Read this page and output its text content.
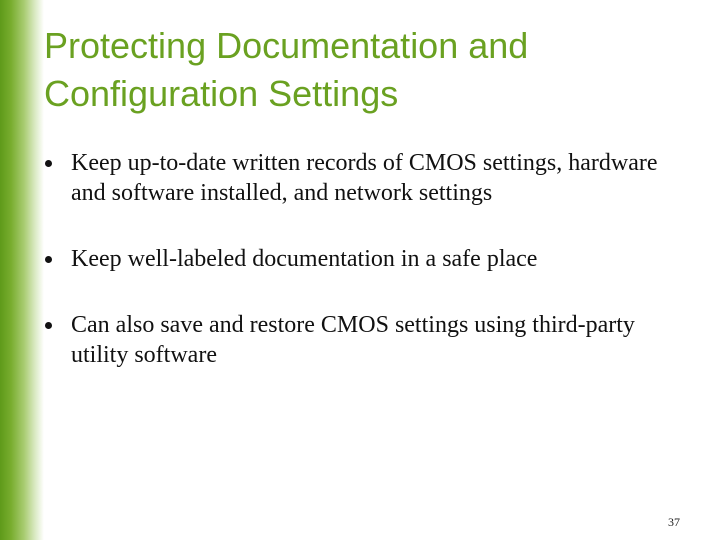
Protecting Documentation and Configuration Settings
Keep up-to-date written records of CMOS settings, hardware and software installed, and network settings
Keep well-labeled documentation in a safe place
Can also save and restore CMOS settings using third-party utility software
37
